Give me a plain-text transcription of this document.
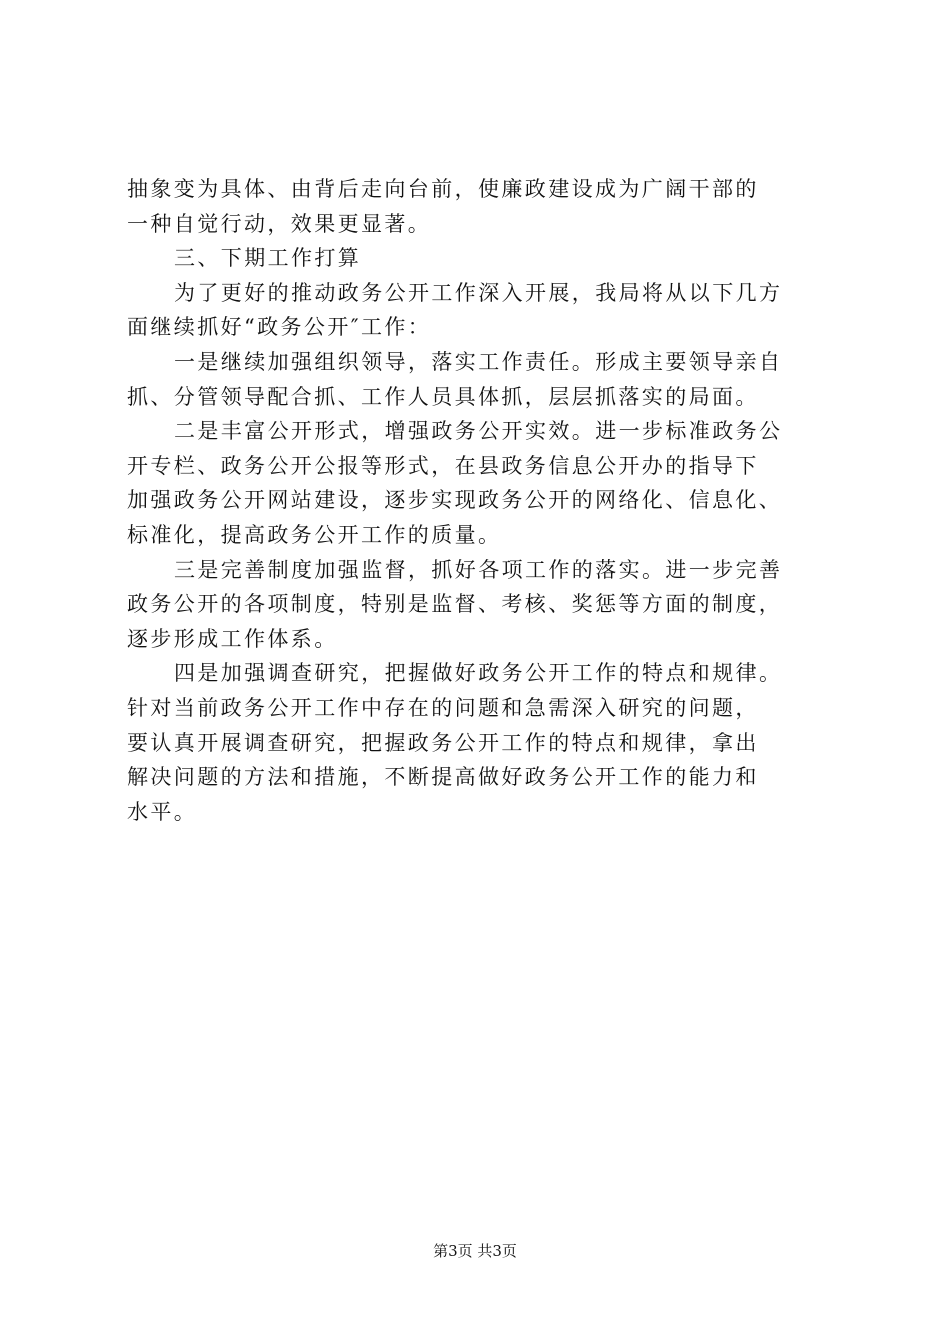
抽象变为具体、由背后走向台前，使廉政建设成为广阔干部的
一种自觉行动，效果更显著。
三、下期工作打算
为了更好的推动政务公开工作深入开展，我局将从以下几方
面继续抓好“政务公开″工作：
一是继续加强组织领导，落实工作责任。形成主要领导亲自
抓、分管领导配合抓、工作人员具体抓，层层抓落实的局面。
二是丰富公开形式，增强政务公开实效。进一步标准政务公
开专栏、政务公开公报等形式，在县政务信息公开办的指导下
加强政务公开网站建设，逐步实现政务公开的网络化、信息化、
标准化，提高政务公开工作的质量。
三是完善制度加强监督，抓好各项工作的落实。进一步完善
政务公开的各项制度，特别是监督、考核、奖惩等方面的制度，
逐步形成工作体系。
四是加强调查研究，把握做好政务公开工作的特点和规律。
针对当前政务公开工作中存在的问题和急需深入研究的问题，
要认真开展调查研究，把握政务公开工作的特点和规律，拿出
解决问题的方法和措施，不断提高做好政务公开工作的能力和
水平。
第3页 共3页
